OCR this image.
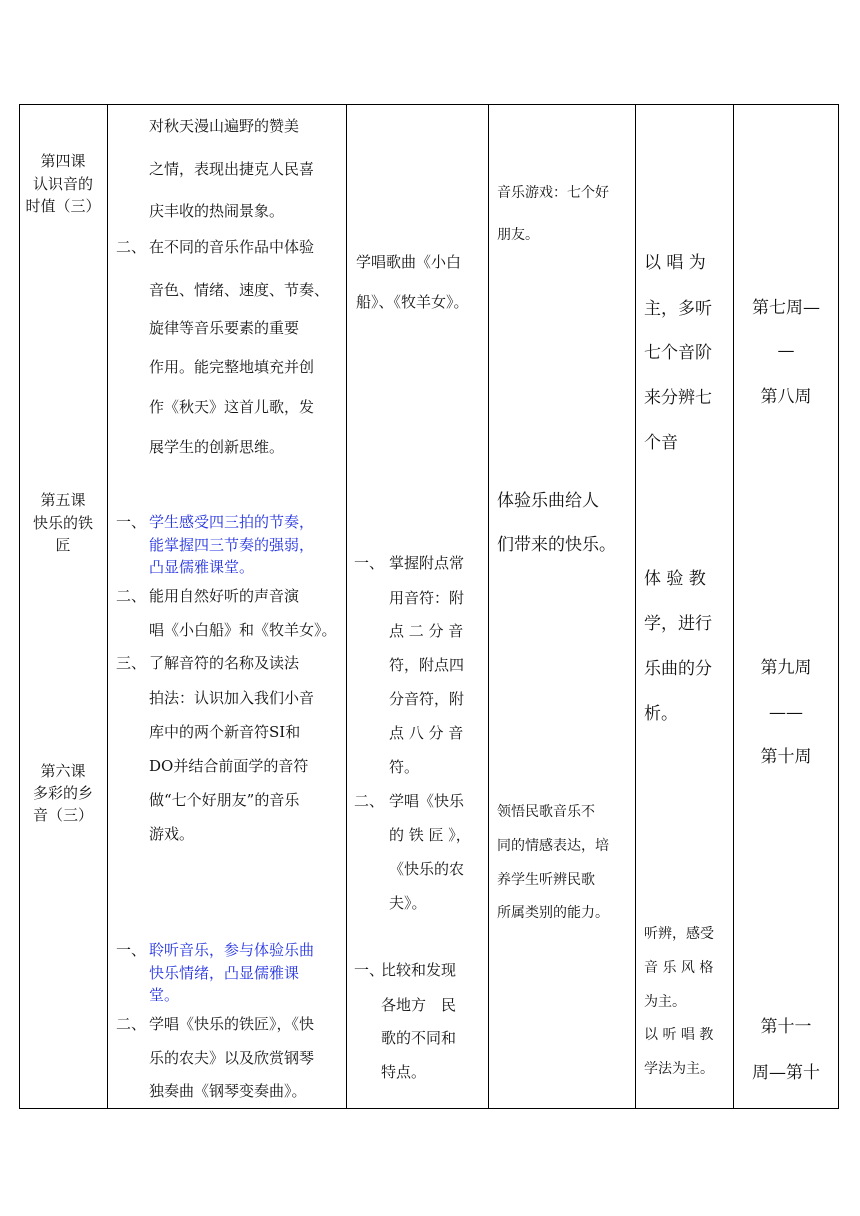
第四课
认识音的
时值（三）
第五课
快乐的铁
匠
第六课
多彩的乡
音（三）
对秋天漫山遍野的赞美
之情，表现出捷克人民喜
庆丰收的热闹景象。
二、 在不同的音乐作品中体验
音色、情绪、速度、节奏、
旋律等音乐要素的重要
作用。能完整地填充并创
作《秋天》这首儿歌，发
展学生的创新思维。
一、 学生感受四三拍的节奏，
能掌握四三节奏的强弱，
凸显儒雅课堂。
二、 能用自然好听的声音演
唱《小白船》和《牧羊女》。
三、 了解音符的名称及读法
拍法：认识加入我们小音
库中的两个新音符SI和
DO并结合前面学的音符
做“七个好朋友”的音乐
游戏。
一、 聆听音乐，参与体验乐曲
快乐情绪，凸显儒雅课
堂。
二、 学唱《快乐的铁匠》，《快
乐的农夫》以及欣赏钢琴
独奏曲《钢琴变奏曲》。
学唱歌曲《小白
船》、《牧羊女》。
一、 掌握附点常
用音符：附
点 二 分 音
符，附点四
分音符，附
点 八 分 音
符。
二、 学唱《快乐
的 铁 匠 》，
《快乐的农
夫》。
一、
比较和发现
各地方　民
歌的不同和
特点。
音乐游戏：七个好
朋友。
体验乐曲给人
们带来的快乐。
领悟民歌音乐不
同的情感表达，培
养学生听辨民歌
所属类别的能力。
以 唱 为
主，多听
七个音阶
来分辨七
个音
体 验 教
学，进行
乐曲的分
析。
听辨，感受
音 乐 风 格
为主。
以 听 唱 教
学法为主。
第七周—
—
第八周
第九周
——
第十周
第十一
周—第十
